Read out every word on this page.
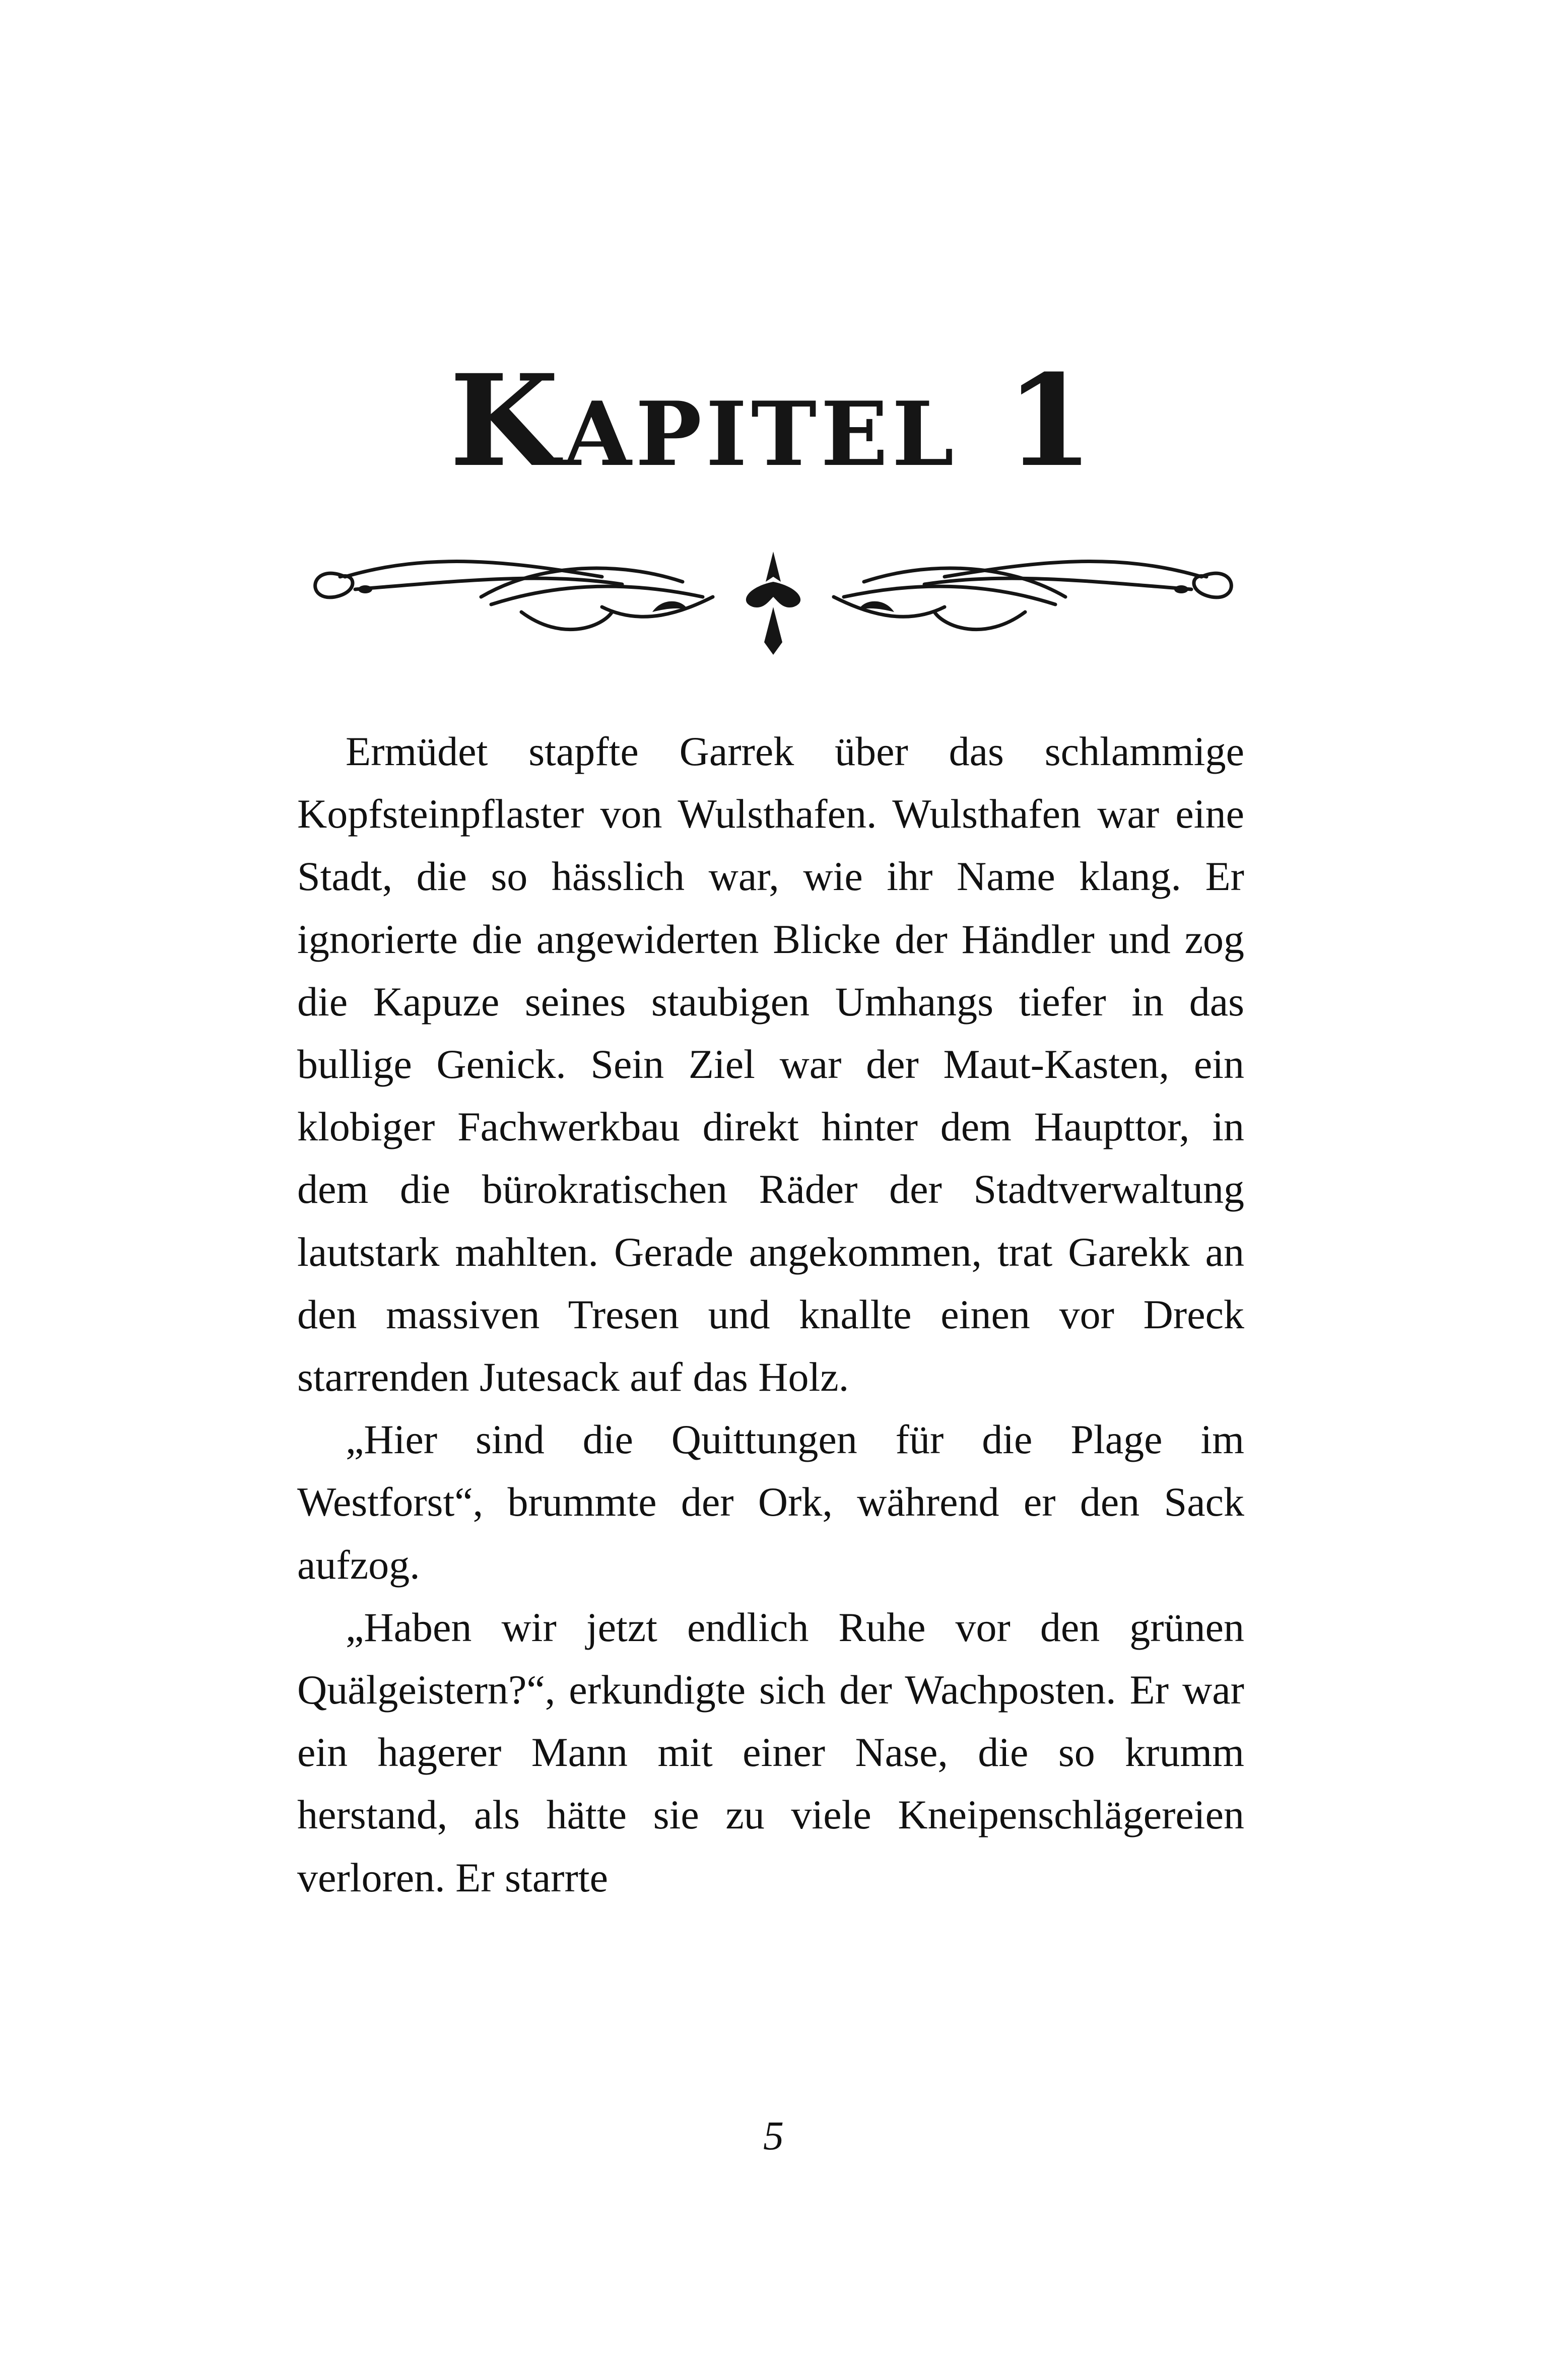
Kapitel 1

Ermüdet stapfte Garrek über das schlammige Kopfsteinpflaster von Wulsthafen. Wulsthafen war eine Stadt, die so hässlich war, wie ihr Name klang. Er ignorierte die angewiderten Blicke der Händler und zog die Kapuze seines staubigen Umhangs tiefer in das bullige Genick. Sein Ziel war der Maut-Kasten, ein klobiger Fachwerkbau direkt hinter dem Haupttor, in dem die bürokratischen Räder der Stadtverwaltung lautstark mahlten. Gerade angekommen, trat Garekk an den massiven Tresen und knallte einen vor Dreck starrenden Jutesack auf das Holz.

„Hier sind die Quittungen für die Plage im Westforst“, brummte der Ork, während er den Sack aufzog.

„Haben wir jetzt endlich Ruhe vor den grünen Quälgeistern?“, erkundigte sich der Wachposten. Er war ein hagerer Mann mit einer Nase, die so krumm herstand, als hätte sie zu viele Kneipenschlägereien verloren. Er starrte

5
